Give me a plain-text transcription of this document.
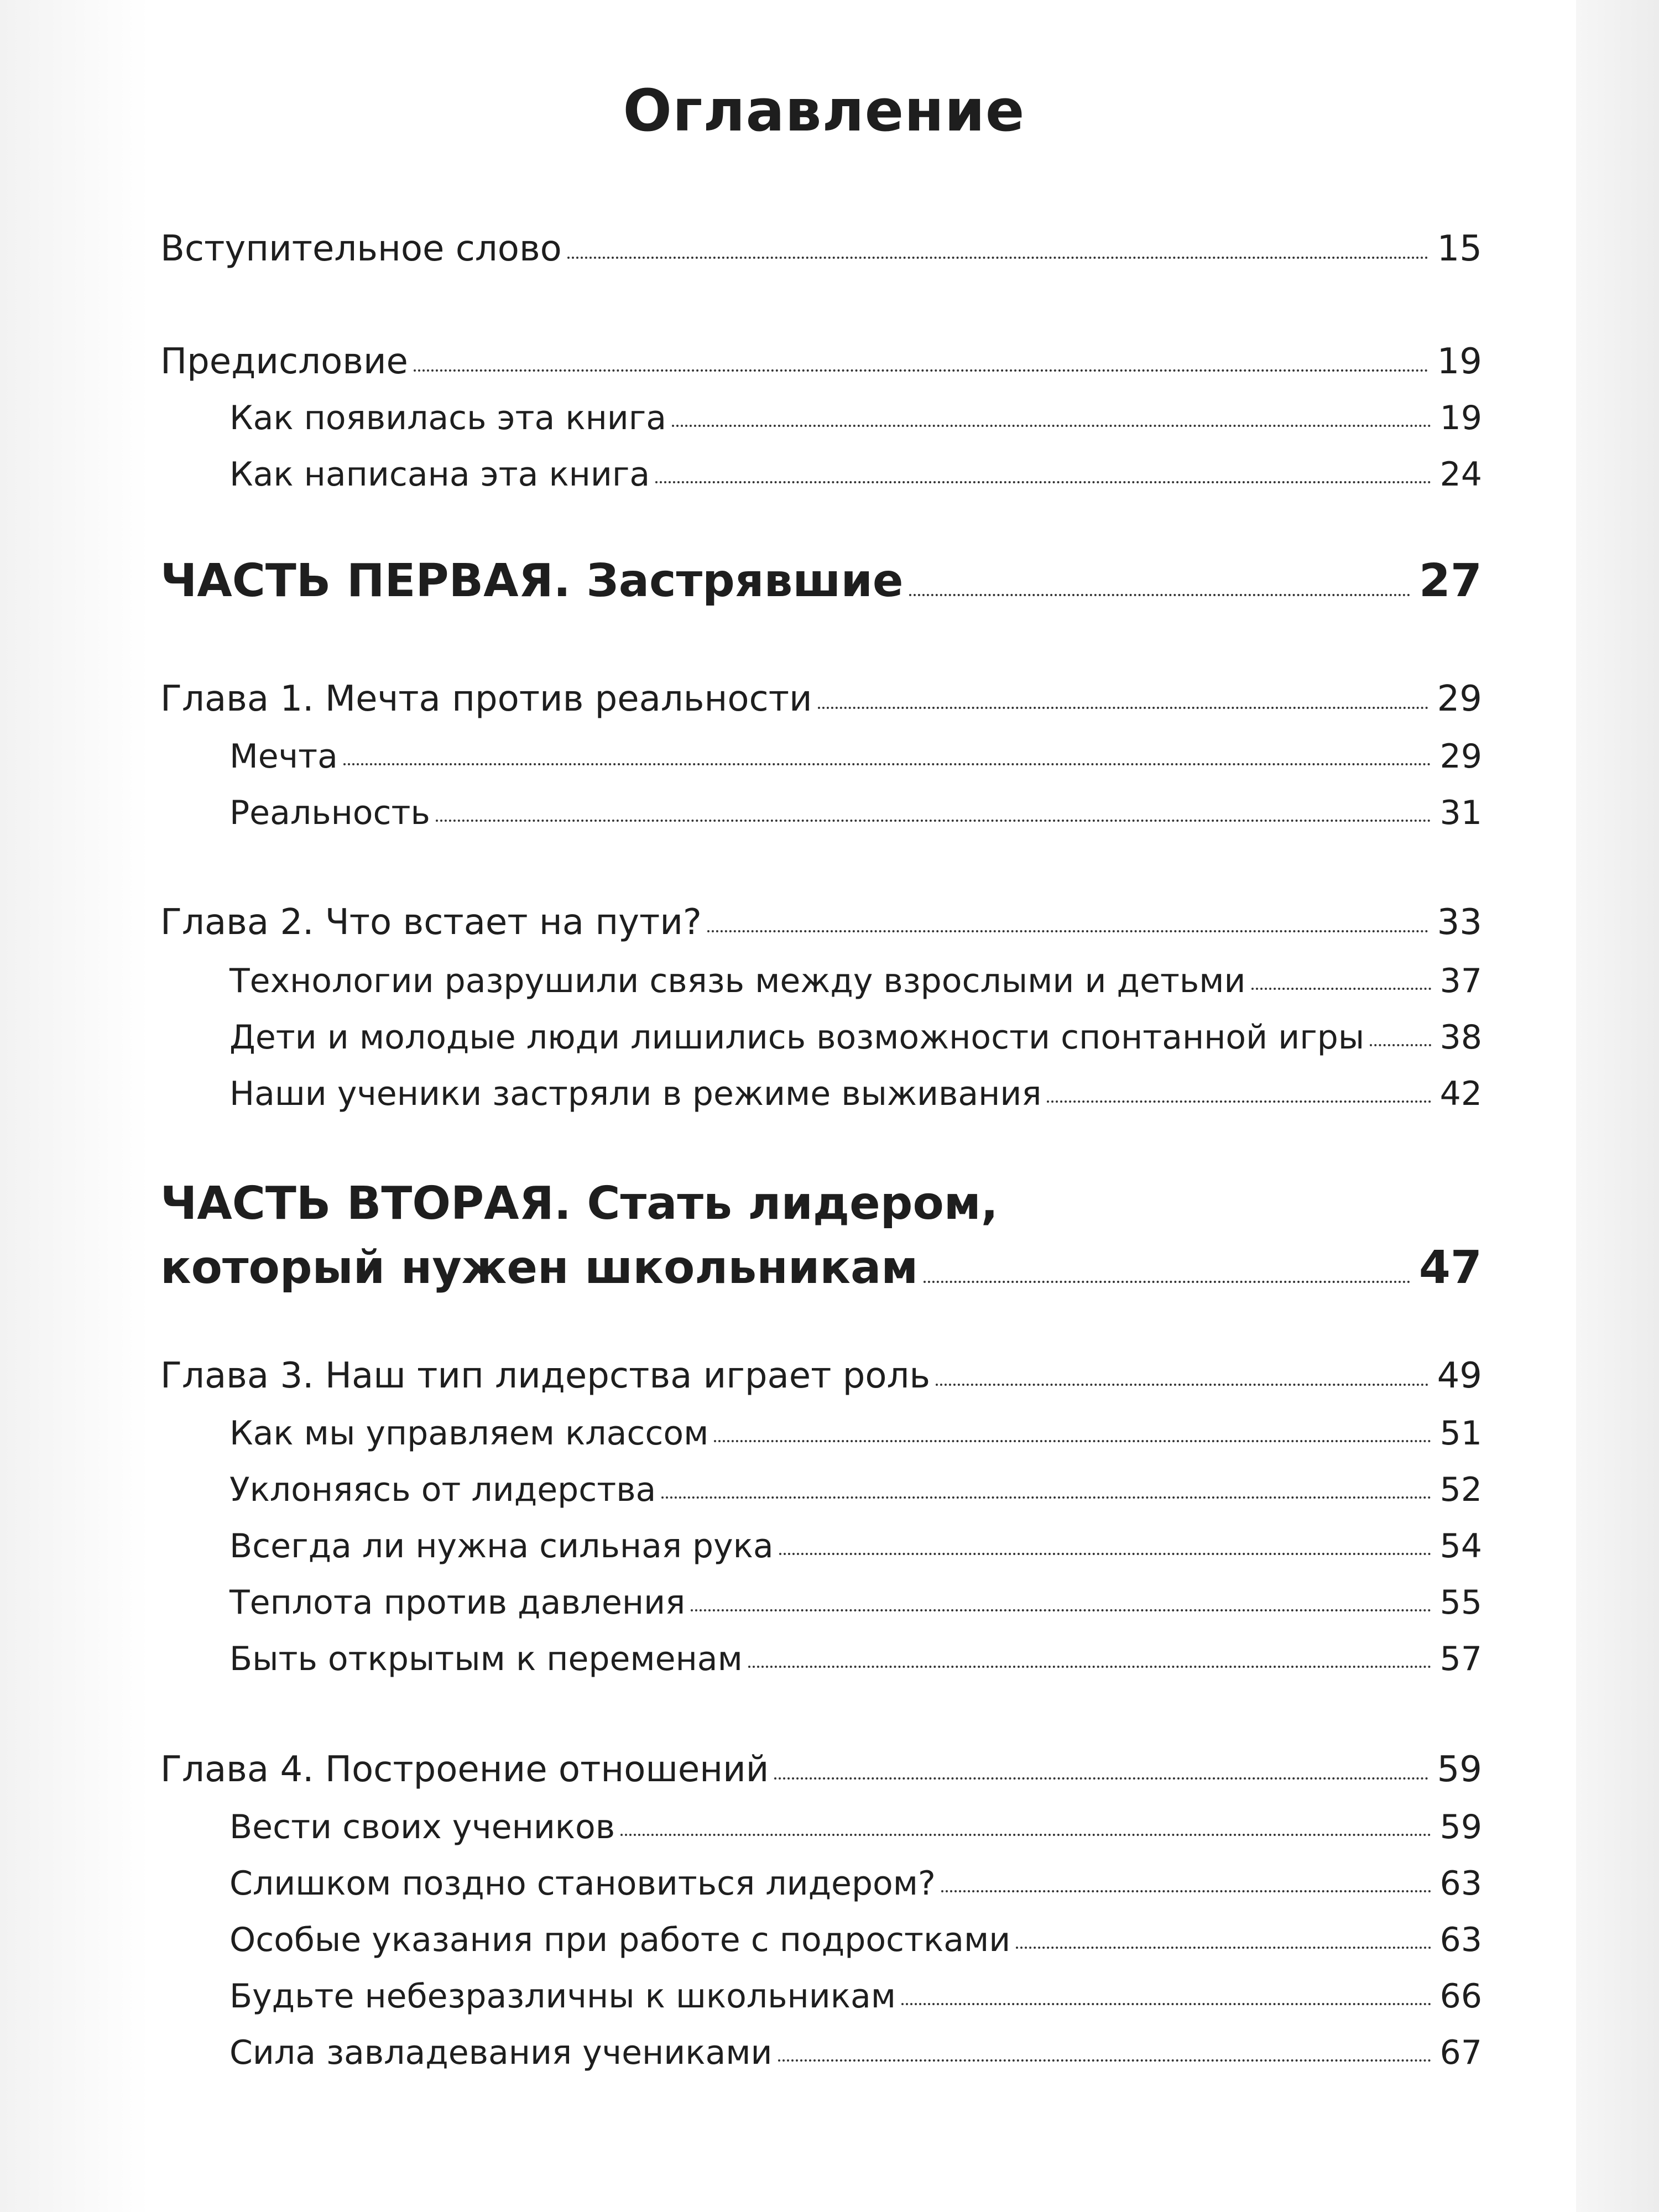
Оглавление
Вступительное слово	15
Предисловие	19
Как появилась эта книга	19
Как написана эта книга	24
ЧАСТЬ ПЕРВАЯ. Застрявшие	27
Глава 1. Мечта против реальности	29
Мечта	29
Реальность	31
Глава 2. Что встает на пути?	33
Технологии разрушили связь между взрослыми и детьми	37
Дети и молодые люди лишились возможности спонтанной игры 38
Наши ученики застряли в режиме выживания	42
ЧАСТЬ ВТОРАЯ. Стать лидером,
который нужен школьникам	47
Глава 3. Наш тип лидерства играет роль	49
Как мы управляем классом	51
Уклоняясь от лидерства	52
Всегда ли нужна сильная рука	54
Теплота против давления	55
Быть открытым к переменам	57
Глава 4. Построение отношений	59
Вести своих учеников	59
Слишком поздно становиться лидером?	63
Особые указания при работе с подростками	63
Будьте небезразличны к школьникам	66
Сила завладевания учениками	67
